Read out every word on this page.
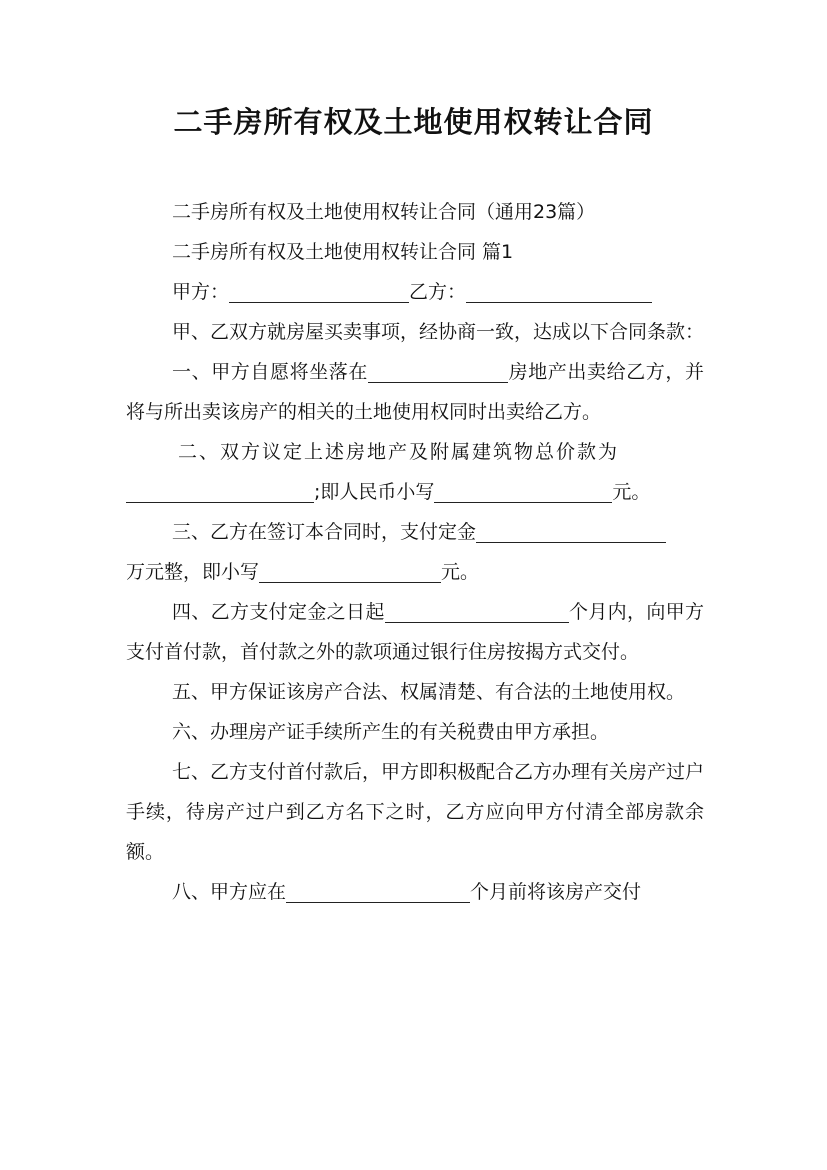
二手房所有权及土地使用权转让合同
二手房所有权及土地使用权转让合同（通用23篇）
二手房所有权及土地使用权转让合同 篇1
甲方：	乙方：

甲、乙双方就房屋买卖事项，经协商一致，达成以下合同条款：

一、甲方自愿将坐落在	房地产出卖给乙方，并将与所出卖该房产的相关的土地使用权同时出卖给乙方。

二、双方议定上述房地产及附属建筑物总价款为

;即人民币小写	元。
三、乙方在签订本合同时，支付定金
万元整，即小写	元。

四、乙方支付定金之日起	个月内，向甲方支付首付款，首付款之外的款项通过银行住房按揭方式交付。

五、甲方保证该房产合法、权属清楚、有合法的土地使用权。

六、办理房产证手续所产生的有关税费由甲方承担。

七、乙方支付首付款后，甲方即积极配合乙方办理有关房产过户手续，待房产过户到乙方名下之时，乙方应向甲方付清全部房款余额。

八、甲方应在	个月前将该房产交付
